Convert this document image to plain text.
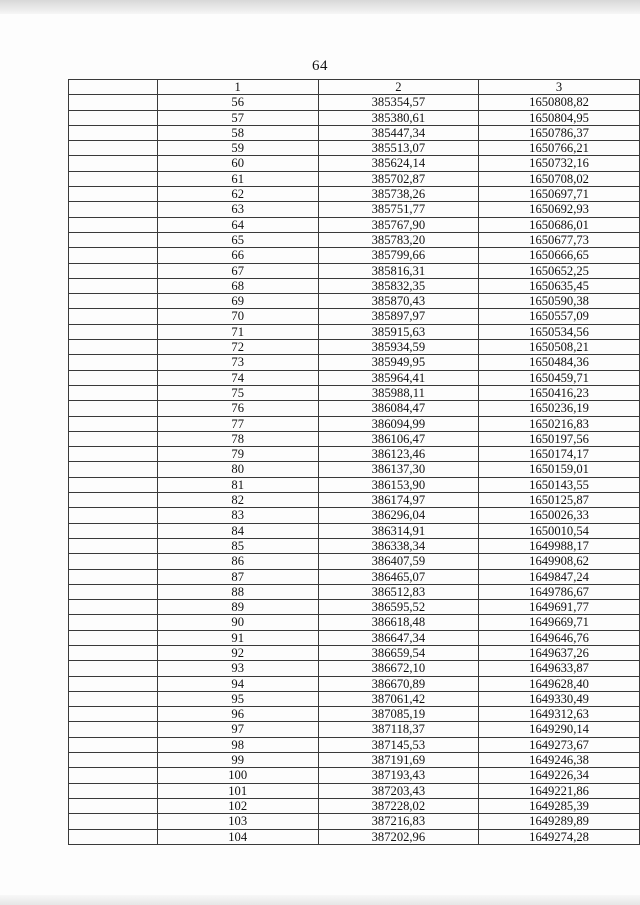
64
	1	2	3
	56	385354,57	1650808,82
	57	385380,61	1650804,95
	58	385447,34	1650786,37
	59	385513,07	1650766,21
	60	385624,14	1650732,16
	61	385702,87	1650708,02
	62	385738,26	1650697,71
	63	385751,77	1650692,93
	64	385767,90	1650686,01
	65	385783,20	1650677,73
	66	385799,66	1650666,65
	67	385816,31	1650652,25
	68	385832,35	1650635,45
	69	385870,43	1650590,38
	70	385897,97	1650557,09
	71	385915,63	1650534,56
	72	385934,59	1650508,21
	73	385949,95	1650484,36
	74	385964,41	1650459,71
	75	385988,11	1650416,23
	76	386084,47	1650236,19
	77	386094,99	1650216,83
	78	386106,47	1650197,56
	79	386123,46	1650174,17
	80	386137,30	1650159,01
	81	386153,90	1650143,55
	82	386174,97	1650125,87
	83	386296,04	1650026,33
	84	386314,91	1650010,54
	85	386338,34	1649988,17
	86	386407,59	1649908,62
	87	386465,07	1649847,24
	88	386512,83	1649786,67
	89	386595,52	1649691,77
	90	386618,48	1649669,71
	91	386647,34	1649646,76
	92	386659,54	1649637,26
	93	386672,10	1649633,87
	94	386670,89	1649628,40
	95	387061,42	1649330,49
	96	387085,19	1649312,63
	97	387118,37	1649290,14
	98	387145,53	1649273,67
	99	387191,69	1649246,38
	100	387193,43	1649226,34
	101	387203,43	1649221,86
	102	387228,02	1649285,39
	103	387216,83	1649289,89
	104	387202,96	1649274,28
